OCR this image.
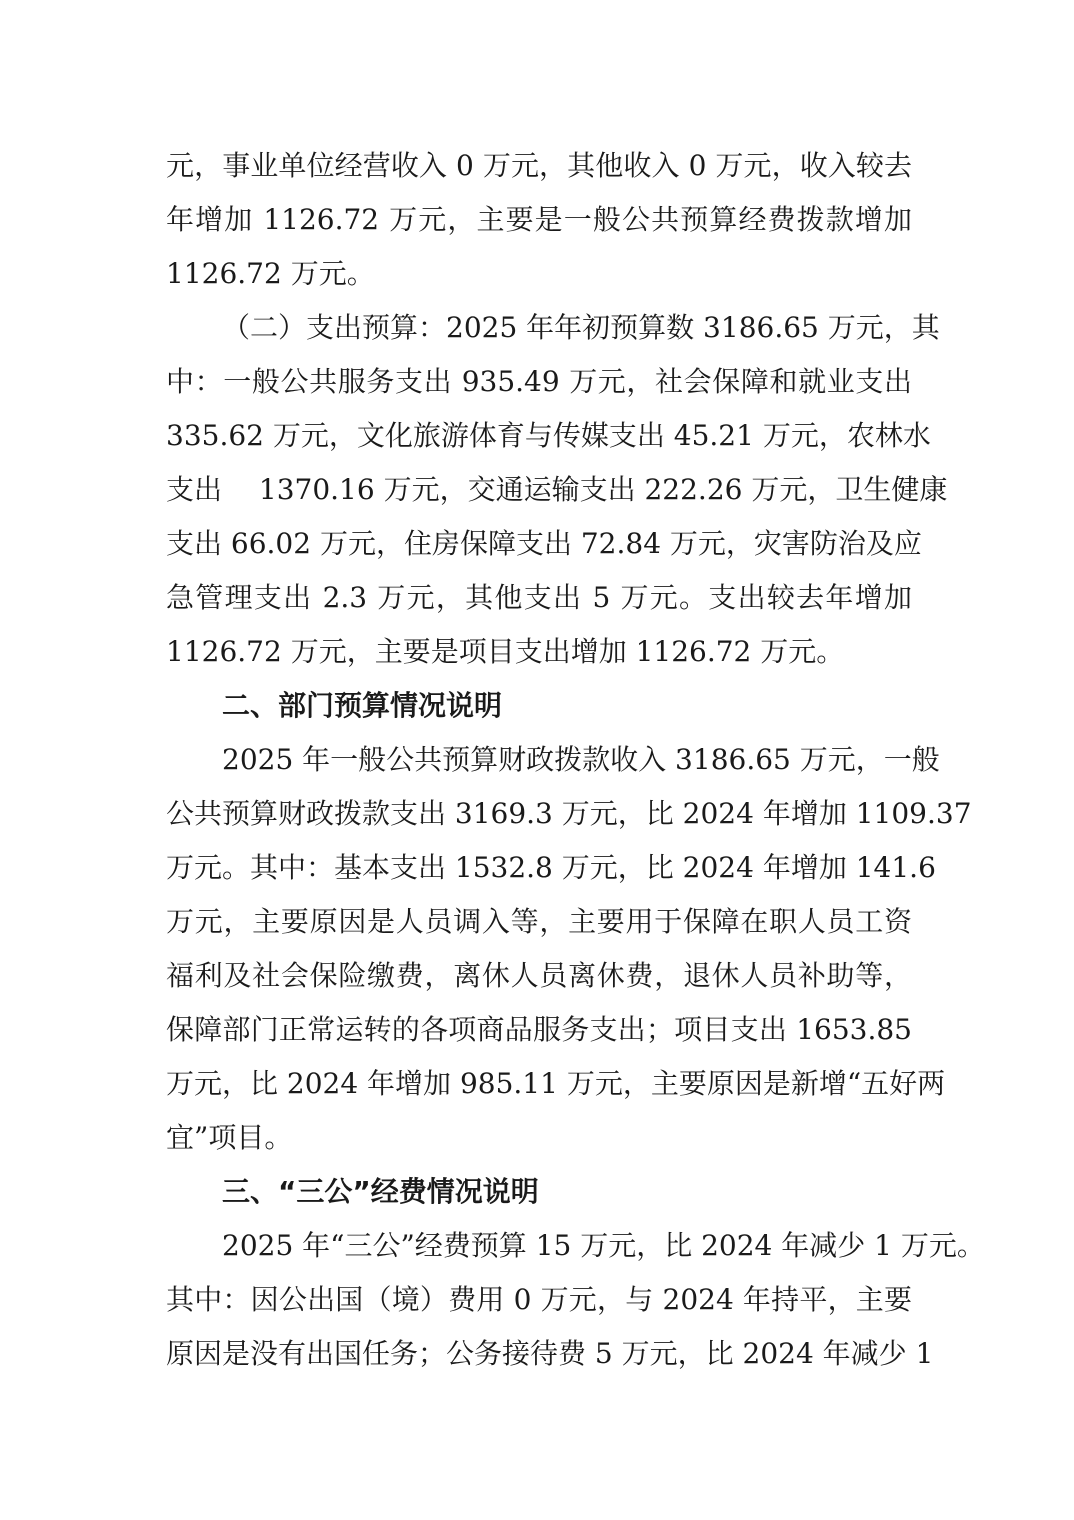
元，事业单位经营收入 0 万元，其他收入 0 万元，收入较去
年增加 1126.72 万元，主要是一般公共预算经费拨款增加
1126.72 万元。
（二）支出预算：2025 年年初预算数 3186.65 万元，其
中：一般公共服务支出 935.49 万元，社会保障和就业支出
335.62 万元，文化旅游体育与传媒支出 45.21 万元，农林水
支出　 1370.16 万元，交通运输支出 222.26 万元，卫生健康
支出 66.02 万元，住房保障支出 72.84 万元，灾害防治及应
急管理支出 2.3 万元，其他支出 5 万元。支出较去年增加
1126.72 万元，主要是项目支出增加 1126.72 万元。
二、部门预算情况说明
2025 年一般公共预算财政拨款收入 3186.65 万元，一般
公共预算财政拨款支出 3169.3 万元，比 2024 年增加 1109.37
万元。其中：基本支出 1532.8 万元，比 2024 年增加 141.6
万元，主要原因是人员调入等，主要用于保障在职人员工资
福利及社会保险缴费，离休人员离休费，退休人员补助等，
保障部门正常运转的各项商品服务支出；项目支出 1653.85
万元，比 2024 年增加 985.11 万元，主要原因是新增“五好两
宜”项目。
三、“三公”经费情况说明
2025 年“三公”经费预算 15 万元，比 2024 年减少 1 万元。
其中：因公出国（境）费用 0 万元，与 2024 年持平，主要
原因是没有出国任务；公务接待费 5 万元，比 2024 年减少 1
